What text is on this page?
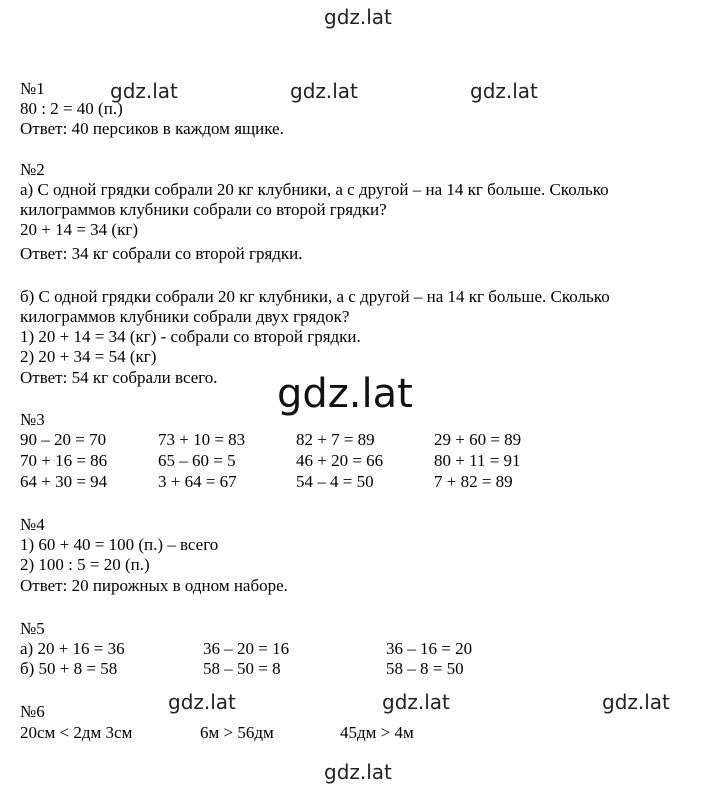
gdz.lat
gdz.lat	gdz.lat	gdz.lat
gdz.lat
gdz.lat	gdz.lat	gdz.lat
gdz.lat
№1
80 : 2 = 40 (п.)
Ответ: 40 персиков в каждом ящике.
№2
а) С одной грядки собрали 20 кг клубники, а с другой – на 14 кг больше. Сколько
килограммов клубники собрали со второй грядки?
20 + 14 = 34 (кг)
Ответ: 34 кг собрали со второй грядки.
б) С одной грядки собрали 20 кг клубники, а с другой – на 14 кг больше. Сколько
килограммов клубники собрали двух грядок?
1) 20 + 14 = 34 (кг) - собрали со второй грядки.
2) 20 + 34 = 54 (кг)
Ответ: 54 кг собрали всего.
№3
90 – 20 = 70	73 + 10 = 83	82 + 7 = 89	29 + 60 = 89
70 + 16 = 86	65 – 60 = 5	46 + 20 = 66	80 + 11 = 91
64 + 30 = 94	3 + 64 = 67	54 – 4 = 50	7 + 82 = 89
№4
1) 60 + 40 = 100 (п.) – всего
2) 100 : 5 = 20 (п.)
Ответ: 20 пирожных в одном наборе.
№5
а) 20 + 16 = 36	36 – 20 = 16	36 – 16 = 20
б) 50 + 8 = 58	58 – 50 = 8	58 – 8 = 50
№6
20см < 2дм 3см	6м > 56дм	45дм > 4м
